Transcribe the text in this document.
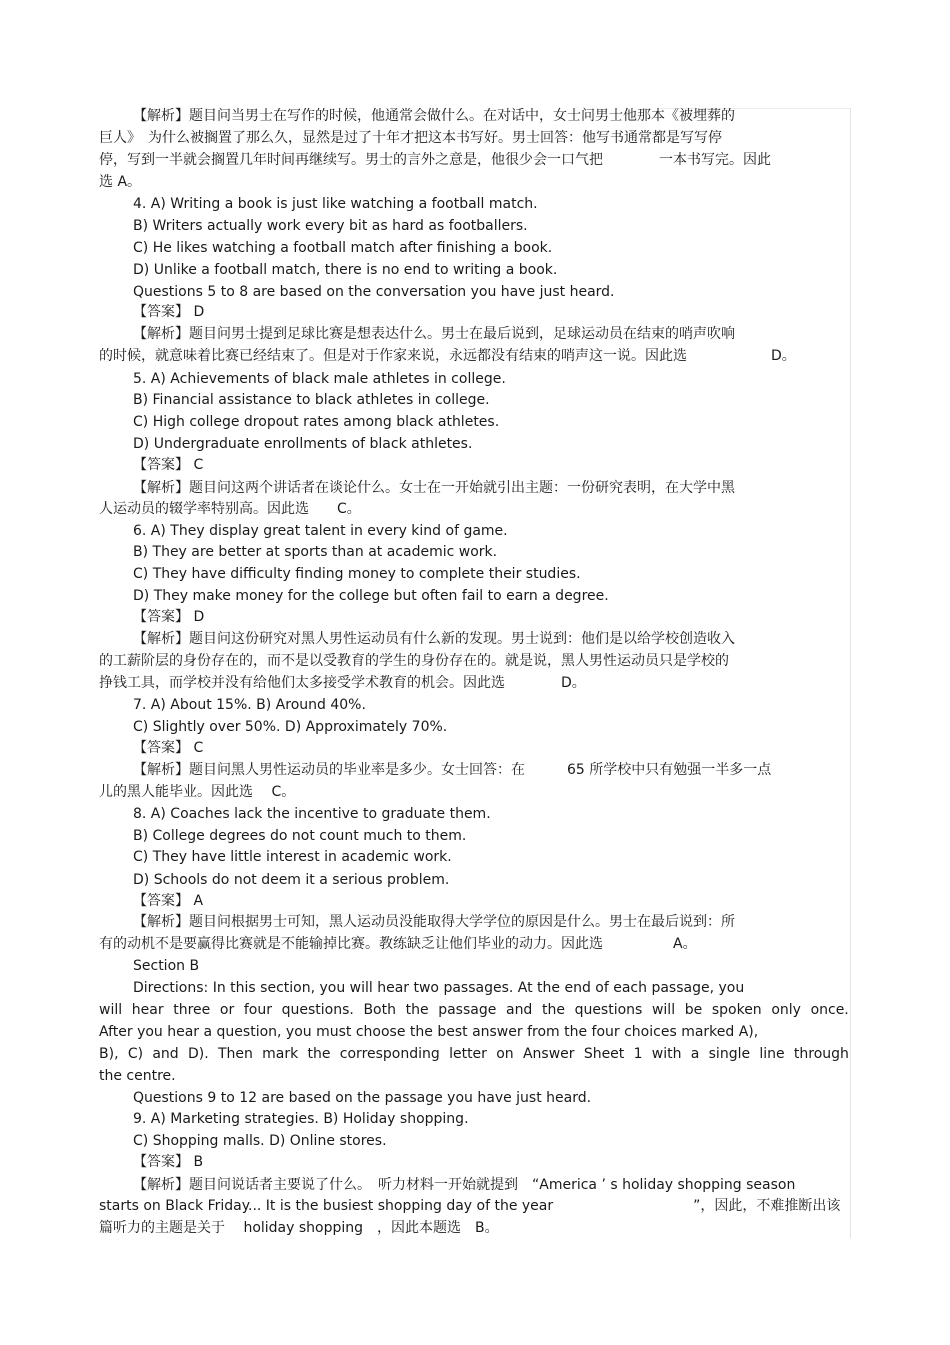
【解析】题目问当男士在写作的时候，他通常会做什么。在对话中，女士问男士他那本《被埋葬的
巨人》　为什么被搁置了那么久，显然是过了十年才把这本书写好。男士回答：他写书通常都是写写停
停，写到一半就会搁置几年时间再继续写。男士的言外之意是，他很少会一口气把　　　　一本书写完。因此
选 A。
4. A) Writing a book is just like watching a football match.
B) Writers actually work every bit as hard as footballers.
C) He likes watching a football match after finishing a book.
D) Unlike a football match, there is no end to writing a book.
Questions 5 to 8 are based on the conversation you have just heard.
【答案】 D
【解析】题目问男士提到足球比赛是想表达什么。男士在最后说到，足球运动员在结束的哨声吹响
的时候，就意味着比赛已经结束了。但是对于作家来说，永远都没有结束的哨声这一说。因此选　　　　　　D。
5. A) Achievements of black male athletes in college.
B) Financial assistance to black athletes in college.
C) High college dropout rates among black athletes.
D) Undergraduate enrollments of black athletes.
【答案】 C
【解析】题目问这两个讲话者在谈论什么。女士在一开始就引出主题：一份研究表明，在大学中黑
人运动员的辍学率特别高。因此选　　C。
6. A) They display great talent in every kind of game.
B) They are better at sports than at academic work.
C) They have difficulty finding money to complete their studies.
D) They make money for the college but often fail to earn a degree.
【答案】 D
【解析】题目问这份研究对黑人男性运动员有什么新的发现。男士说到：他们是以给学校创造收入
的工薪阶层的身份存在的，而不是以受教育的学生的身份存在的。就是说，黑人男性运动员只是学校的
挣钱工具，而学校并没有给他们太多接受学术教育的机会。因此选　　　　D。
7. A) About 15%. B) Around 40%.
C) Slightly over 50%. D) Approximately 70%.
【答案】 C
【解析】题目问黑人男性运动员的毕业率是多少。女士回答：在　　　65 所学校中只有勉强一半多一点
儿的黑人能毕业。因此选　 C。
8. A) Coaches lack the incentive to graduate them.
B) College degrees do not count much to them.
C) They have little interest in academic work.
D) Schools do not deem it a serious problem.
【答案】 A
【解析】题目问根据男士可知，黑人运动员没能取得大学学位的原因是什么。男士在最后说到：所
有的动机不是要赢得比赛就是不能输掉比赛。教练缺乏让他们毕业的动力。因此选　　　　　A。
Section B
Directions: In this section, you will hear two passages. At the end of each passage, you
will hear three or four questions. Both the passage and the questions will be spoken only once.
After you hear a question, you must choose the best answer from the four choices marked A),
B), C) and D). Then mark the corresponding letter on Answer Sheet 1 with a single line through
the centre.
Questions 9 to 12 are based on the passage you have just heard.
9. A) Marketing strategies. B) Holiday shopping.
C) Shopping malls. D) Online stores.
【答案】 B
【解析】题目问说话者主要说了什么。　听力材料一开始就提到　“America ’ s holiday shopping season
starts on Black Friday... It is the busiest shopping day of the year　　　　　　　　　　”，因此，不难推断出该
篇听力的主题是关于　 holiday shopping　，因此本题选　B。
